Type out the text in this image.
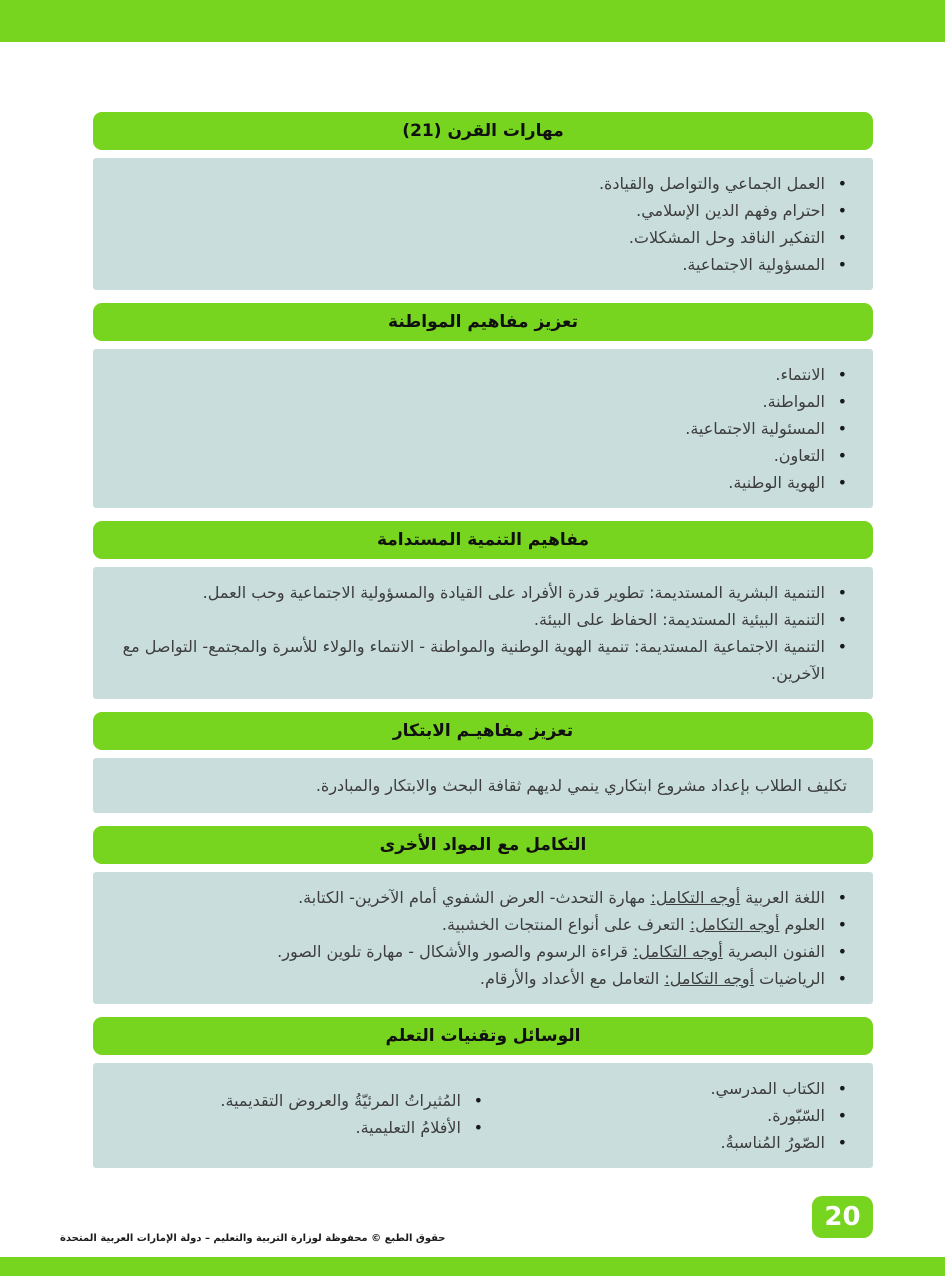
مهارات القرن (21)
•
العمل الجماعي والتواصل والقيادة.
•
احترام وفهم الدين الإسلامي.
•
التفكير الناقد وحل المشكلات.
•
المسؤولية الاجتماعية.
تعزيز مفاهيم المواطنة
•
الانتماء.
•
المواطنة.
•
المسئولية الاجتماعية.
•
التعاون.
•
الهوية الوطنية.
مفاهيم التنمية المستدامة
•
التنمية البشرية المستديمة: تطوير قدرة الأفراد على القيادة والمسؤولية الاجتماعية وحب العمل.
•
التنمية البيئية المستديمة: الحفاظ على البيئة.
•
التنمية الاجتماعية المستديمة: تنمية الهوية الوطنية والمواطنة - الانتماء والولاء للأسرة والمجتمع- التواصل مع الآخرين.
تعزيز مفاهيـم الابتكار
تكليف الطلاب بإعداد مشروع ابتكاري ينمي لديهم ثقافة البحث والابتكار والمبادرة.
التكامل مع المواد الأخرى
•
اللغة العربية أوجه التكامل: مهارة التحدث- العرض الشفوي أمام الآخرين- الكتابة.
•
العلوم أوجه التكامل: التعرف على أنواع المنتجات الخشبية.
•
الفنون البصرية أوجه التكامل: قراءة الرسوم والصور والأشكال - مهارة تلوين الصور.
•
الرياضيات أوجه التكامل: التعامل مع الأعداد والأرقام.
الوسائل وتقنيات التعلم
•
الكتاب المدرسي.
•
السّبّورة.
•
الصّورُ المُناسبةُ.
•
المُثيراتُ المرئيّةُ والعروض التقديمية.
•
الأفلامُ التعليمية.
20
حقوق الطبع © محفوظة لوزارة التربية والتعليم – دولة الإمارات العربية المتحدة
